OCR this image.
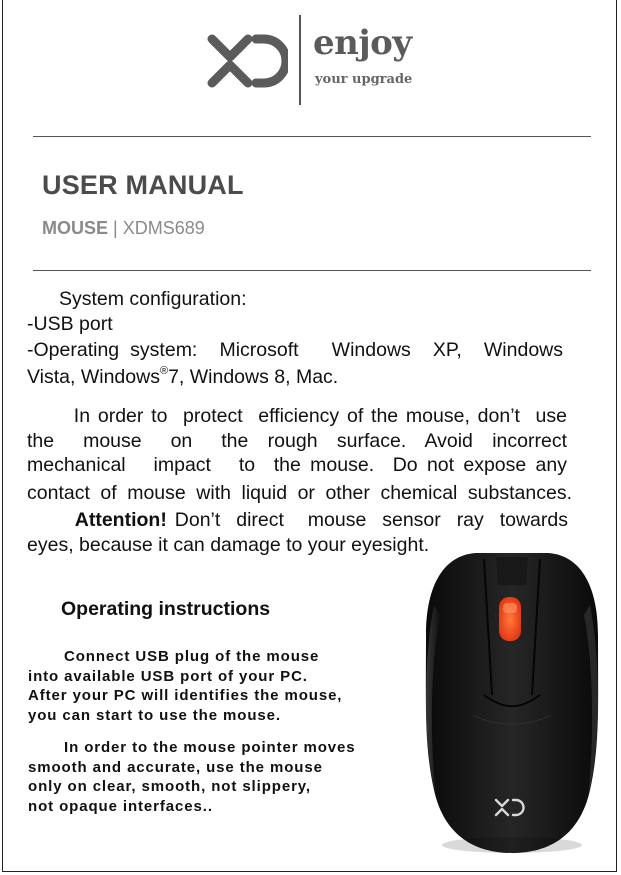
enjoy
your upgrade
USER MANUAL
MOUSE | XDMS689
System configuration:
-USB port
-Operating system:  Microsoft   Windows  XP,  Windows
Vista, Windows®7, Windows 8, Mac.
In order to  protect  efficiency of the mouse, don’t  use
the   mouse   on   the  rough  surface.  Avoid  incorrect
mechanical   impact   to  the mouse.  Do not expose any
contact of mouse with liquid or other chemical substances.
Attention! Don’t  direct   mouse  sensor  ray  towards
eyes, because it can damage to your eyesight.
Operating instructions
Connect USB plug of the mouse
into available USB port of your PC.
After your PC will identifies the mouse,
you can start to use the mouse.
In order to the mouse pointer moves
smooth and accurate, use the mouse
only on clear, smooth, not slippery,
not opaque interfaces..
